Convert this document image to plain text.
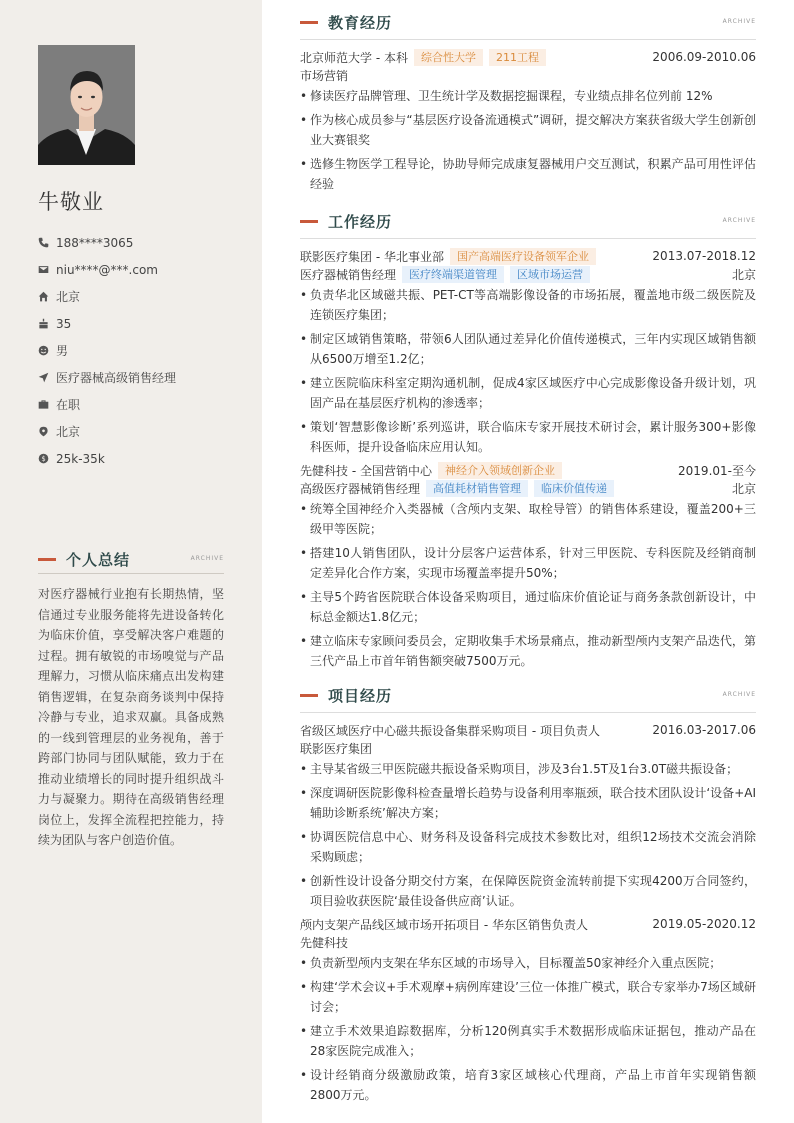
牛敬业
188****3065
niu****@***.com
北京
35
男
医疗器械高级销售经理
在职
北京
$ 25k-35k
个人总结	ARCHIVE
对医疗器械行业抱有长期热情，坚信通过专业服务能将先进设备转化为临床价值，享受解决客户难题的过程。拥有敏锐的市场嗅觉与产品理解力，习惯从临床痛点出发构建销售逻辑，在复杂商务谈判中保持冷静与专业，追求双赢。具备成熟的一线到管理层的业务视角，善于跨部门协同与团队赋能，致力于在推动业绩增长的同时提升组织战斗力与凝聚力。期待在高级销售经理岗位上，发挥全流程把控能力，持续为团队与客户创造价值。
教育经历	ARCHIVE
北京师范大学 - 本科	综合性大学	211工程	2006.09-2010.06
市场营销
• 修读医疗品牌管理、卫生统计学及数据挖掘课程，专业绩点排名位列前 12%
• 作为核心成员参与“基层医疗设备流通模式”调研，提交解决方案获省级大学生创新创业大赛银奖
• 选修生物医学工程导论，协助导师完成康复器械用户交互测试，积累产品可用性评估经验
工作经历	ARCHIVE
联影医疗集团 - 华北事业部	国产高端医疗设备领军企业	2013.07-2018.12
医疗器械销售经理	医疗终端渠道管理	区域市场运营	北京
• 负责华北区域磁共振、PET-CT等高端影像设备的市场拓展，覆盖地市级二级医院及连锁医疗集团；
• 制定区域销售策略，带领6人团队通过差异化价值传递模式，三年内实现区域销售额从6500万增至1.2亿；
• 建立医院临床科室定期沟通机制，促成4家区域医疗中心完成影像设备升级计划，巩固产品在基层医疗机构的渗透率；
• 策划‘智慧影像诊断’系列巡讲，联合临床专家开展技术研讨会，累计服务300+影像科医师，提升设备临床应用认知。
先健科技 - 全国营销中心	神经介入领域创新企业	2019.01-至今
高级医疗器械销售经理	高值耗材销售管理	临床价值传递	北京
• 统筹全国神经介入类器械（含颅内支架、取栓导管）的销售体系建设，覆盖200+三级甲等医院；
• 搭建10人销售团队，设计分层客户运营体系，针对三甲医院、专科医院及经销商制定差异化合作方案，实现市场覆盖率提升50%；
• 主导5个跨省医院联合体设备采购项目，通过临床价值论证与商务条款创新设计，中标总金额达1.8亿元；
• 建立临床专家顾问委员会，定期收集手术场景痛点，推动新型颅内支架产品迭代，第三代产品上市首年销售额突破7500万元。
项目经历	ARCHIVE
省级区域医疗中心磁共振设备集群采购项目 - 项目负责人	2016.03-2017.06
联影医疗集团
• 主导某省级三甲医院磁共振设备采购项目，涉及3台1.5T及1台3.0T磁共振设备；
• 深度调研医院影像科检查量增长趋势与设备利用率瓶颈，联合技术团队设计‘设备+AI辅助诊断系统’解决方案；
• 协调医院信息中心、财务科及设备科完成技术参数比对，组织12场技术交流会消除采购顾虑；
• 创新性设计设备分期交付方案，在保障医院资金流转前提下实现4200万合同签约，项目验收获医院‘最佳设备供应商’认证。
颅内支架产品线区域市场开拓项目 - 华东区销售负责人	2019.05-2020.12
先健科技
• 负责新型颅内支架在华东区域的市场导入，目标覆盖50家神经介入重点医院；
• 构建‘学术会议+手术观摩+病例库建设’三位一体推广模式，联合专家举办7场区域研讨会；
• 建立手术效果追踪数据库，分析120例真实手术数据形成临床证据包，推动产品在28家医院完成准入；
• 设计经销商分级激励政策，培育3家区域核心代理商，产品上市首年实现销售额2800万元。
